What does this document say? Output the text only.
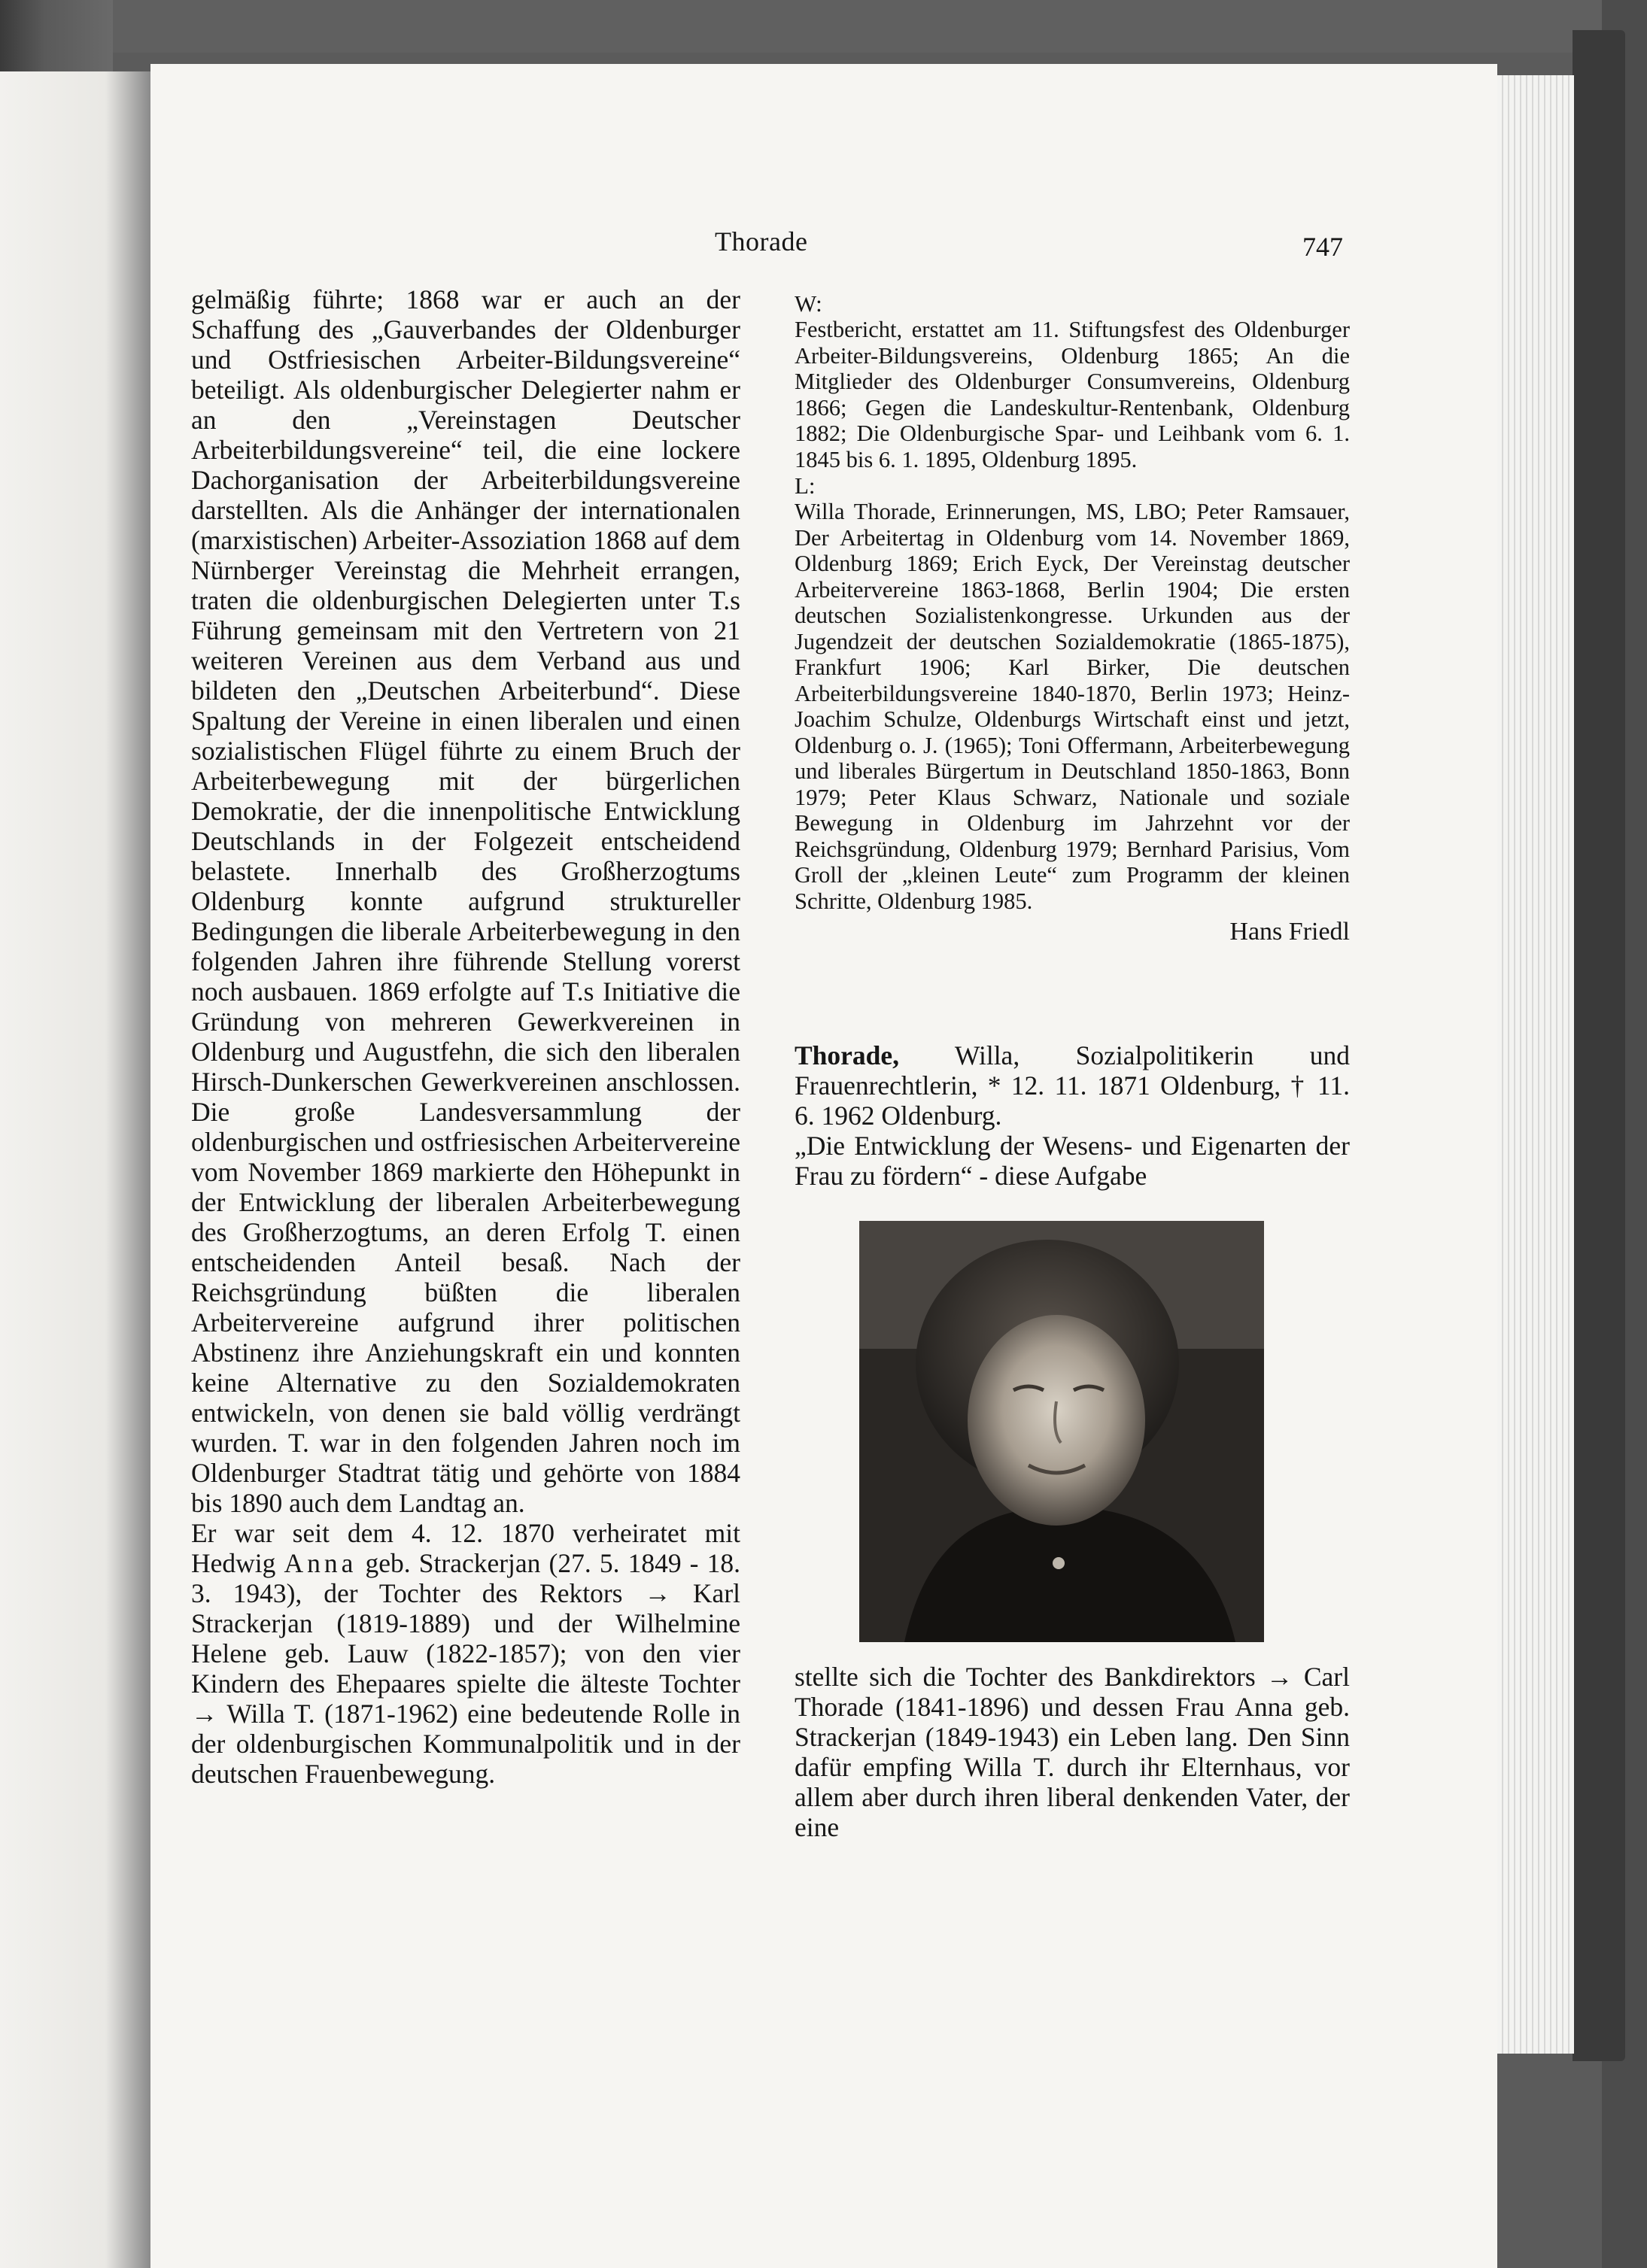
Thorade	747

gelmäßig führte; 1868 war er auch an der Schaffung des „Gauverbandes der Oldenburger und Ostfriesischen Arbeiter-Bildungsvereine“ beteiligt. Als oldenburgischer Delegierter nahm er an den „Vereinstagen Deutscher Arbeiterbildungsvereine“ teil, die eine lockere Dachorganisation der Arbeiterbildungsvereine darstellten. Als die Anhänger der internationalen (marxistischen) Arbeiter-Assoziation 1868 auf dem Nürnberger Vereinstag die Mehrheit errangen, traten die oldenburgischen Delegierten unter T.s Führung gemeinsam mit den Vertretern von 21 weiteren Vereinen aus dem Verband aus und bildeten den „Deutschen Arbeiterbund“. Diese Spaltung der Vereine in einen liberalen und einen sozialistischen Flügel führte zu einem Bruch der Arbeiterbewegung mit der bürgerlichen Demokratie, der die innenpolitische Entwicklung Deutschlands in der Folgezeit entscheidend belastete. Innerhalb des Großherzogtums Oldenburg konnte aufgrund struktureller Bedingungen die liberale Arbeiterbewegung in den folgenden Jahren ihre führende Stellung vorerst noch ausbauen. 1869 erfolgte auf T.s Initiative die Gründung von mehreren Gewerkvereinen in Oldenburg und Augustfehn, die sich den liberalen Hirsch-Dunkerschen Gewerkvereinen anschlossen. Die große Landesversammlung der oldenburgischen und ostfriesischen Arbeitervereine vom November 1869 markierte den Höhepunkt in der Entwicklung der liberalen Arbeiterbewegung des Großherzogtums, an deren Erfolg T. einen entscheidenden Anteil besaß. Nach der Reichsgründung büßten die liberalen Arbeitervereine aufgrund ihrer politischen Abstinenz ihre Anziehungskraft ein und konnten keine Alternative zu den Sozialdemokraten entwickeln, von denen sie bald völlig verdrängt wurden. T. war in den folgenden Jahren noch im Oldenburger Stadtrat tätig und gehörte von 1884 bis 1890 auch dem Landtag an.

Er war seit dem 4. 12. 1870 verheiratet mit Hedwig Anna geb. Strackerjan (27. 5. 1849 - 18. 3. 1943), der Tochter des Rektors → Karl Strackerjan (1819-1889) und der Wilhelmine Helene geb. Lauw (1822-1857); von den vier Kindern des Ehepaares spielte die älteste Tochter → Willa T. (1871-1962) eine bedeutende Rolle in der oldenburgischen Kommunalpolitik und in der deutschen Frauenbewegung.

W:

Festbericht, erstattet am 11. Stiftungsfest des Oldenburger Arbeiter-Bildungsvereins, Oldenburg 1865; An die Mitglieder des Oldenburger Consumvereins, Oldenburg 1866; Gegen die Landeskultur-Rentenbank, Oldenburg 1882; Die Oldenburgische Spar- und Leihbank vom 6. 1. 1845 bis 6. 1. 1895, Oldenburg 1895.

L:

Willa Thorade, Erinnerungen, MS, LBO; Peter Ramsauer, Der Arbeitertag in Oldenburg vom 14. November 1869, Oldenburg 1869; Erich Eyck, Der Vereinstag deutscher Arbeitervereine 1863-1868, Berlin 1904; Die ersten deutschen Sozialistenkongresse. Urkunden aus der Jugendzeit der deutschen Sozialdemokratie (1865-1875), Frankfurt 1906; Karl Birker, Die deutschen Arbeiterbildungsvereine 1840-1870, Berlin 1973; Heinz-Joachim Schulze, Oldenburgs Wirtschaft einst und jetzt, Oldenburg o. J. (1965); Toni Offermann, Arbeiterbewegung und liberales Bürgertum in Deutschland 1850-1863, Bonn 1979; Peter Klaus Schwarz, Nationale und soziale Bewegung in Oldenburg im Jahrzehnt vor der Reichsgründung, Oldenburg 1979; Bernhard Parisius, Vom Groll der „kleinen Leute“ zum Programm der kleinen Schritte, Oldenburg 1985.

Hans Friedl

Thorade, Willa, Sozialpolitikerin und Frauenrechtlerin, * 12. 11. 1871 Oldenburg, † 11. 6. 1962 Oldenburg.

„Die Entwicklung der Wesens- und Eigenarten der Frau zu fördern“ - diese Aufgabe

stellte sich die Tochter des Bankdirektors → Carl Thorade (1841-1896) und dessen Frau Anna geb. Strackerjan (1849-1943) ein Leben lang. Den Sinn dafür empfing Willa T. durch ihr Elternhaus, vor allem aber durch ihren liberal denkenden Vater, der eine
